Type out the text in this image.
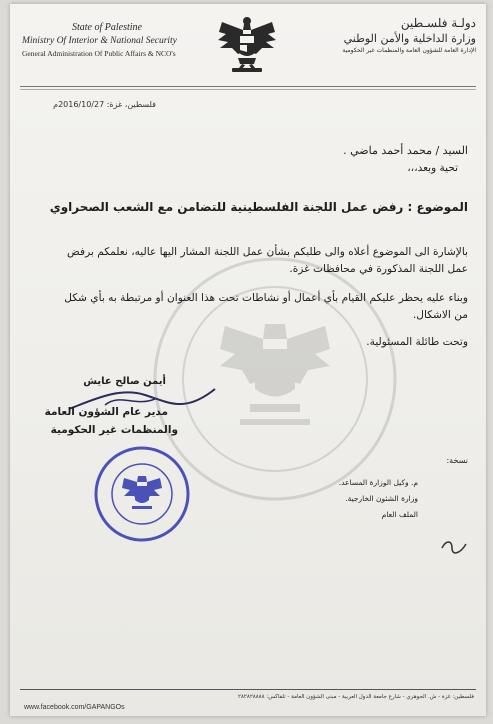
State of Palestine
Ministry Of Interior & National Security
General Administration Of Public Affairs & NCO's
دولـة فلسـطين
وزارة الداخلية والأمن الوطني
الإدارة العامة للشؤون العامة والمنظمات غير الحكومية
فلسطين، غزة: 2016/10/27م
السيد / محمد أحمد ماضي .
تحية وبعد،،،
الموضوع : رفض عمل اللجنة الفلسطينية للتضامن مع الشعب الصحراوي
بالإشارة الى الموضوع أعلاه والى طلبكم بشأن عمل اللجنة المشار اليها عاليه، نعلمكم برفض عمل اللجنة المذكورة في محافظات غزة.
وبناء عليه يحظر عليكم القيام بأي أعمال أو نشاطات تحت هذا العنوان أو مرتبطة به بأي شكل من الاشكال.
وتحت طائلة المسئولية.
أيمن صالح عايش
مدير عام الشؤون العامة
والمنظمات غير الحكومية
نسخة:
م. وكيل الوزارة المساعد.
وزارة الشئون الخارجية.
الملف العام
فلسطين: غزة - ش. الجوهري - شارع جامعة الدول العربية - مبنى الشؤون العامة - تلفاكس: ٢٨٢٨٢٨٨٨٨
www.facebook.com/GAPANGOs
